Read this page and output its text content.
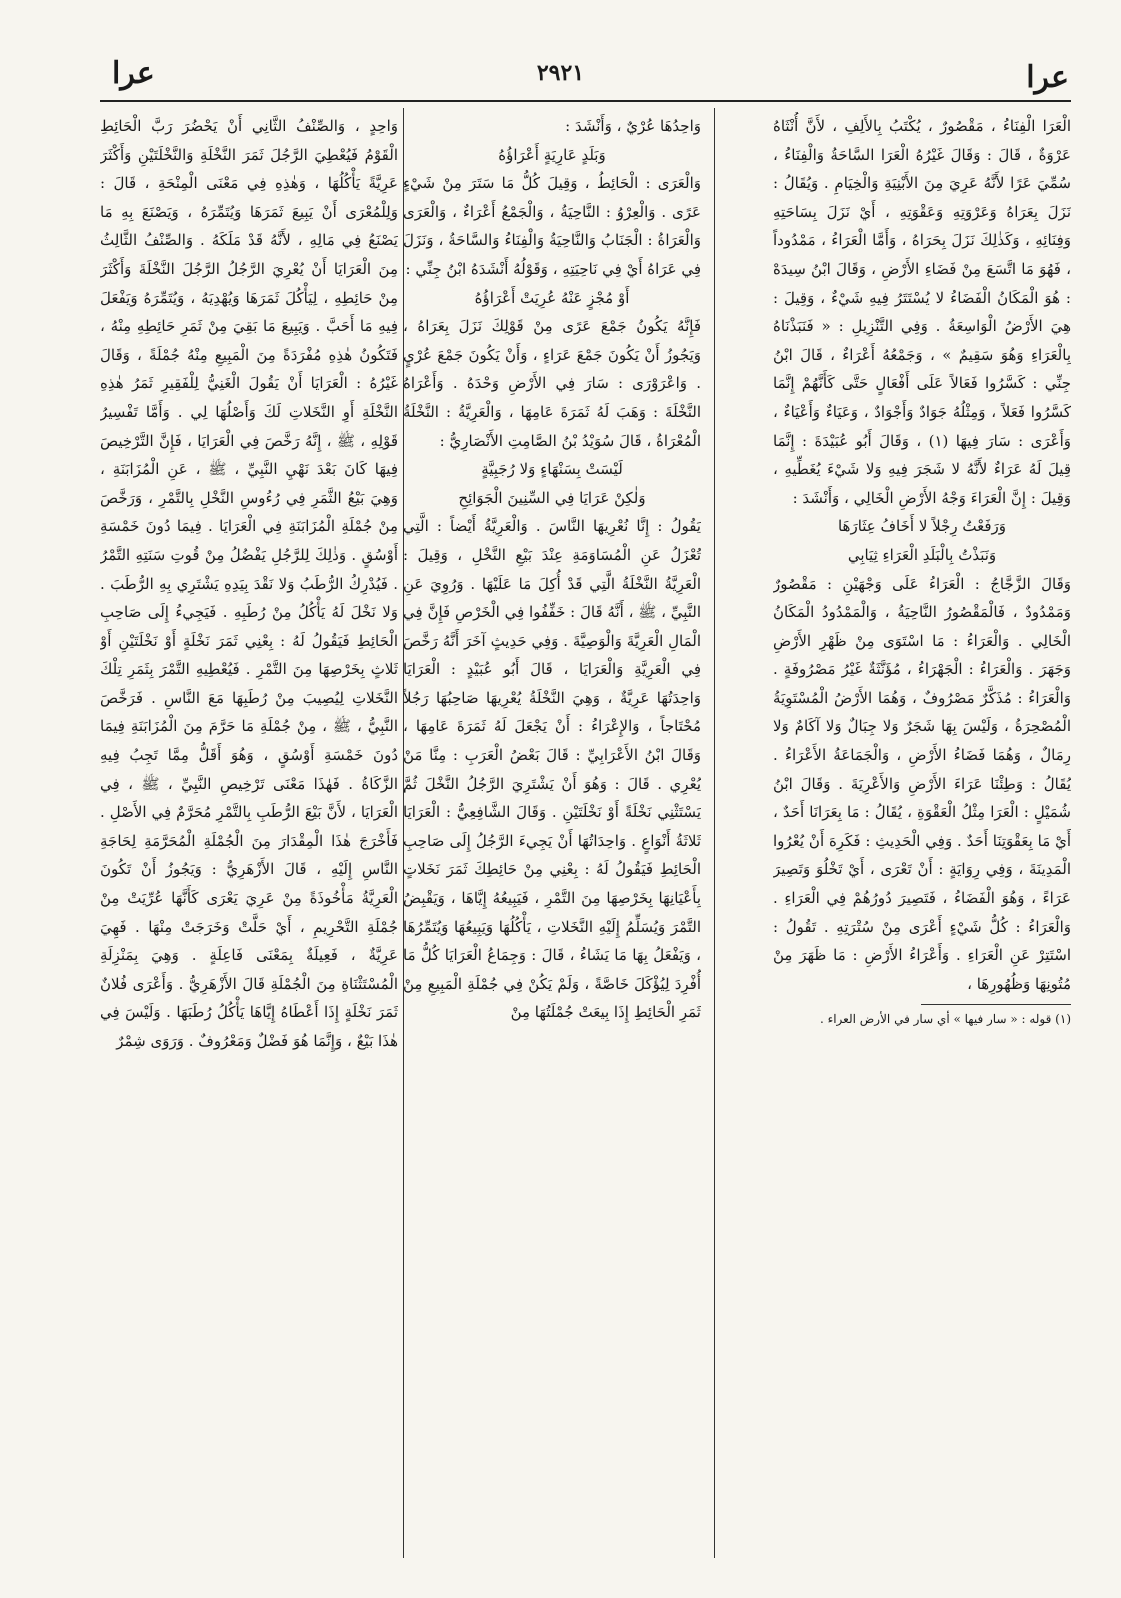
عرا
٢٩٢١
عرا

الْعَرَا الْفِنَاءُ ، مَقْصُورٌ ، يُكْتَبُ بِالأَلِفِ ، لأَنَّ أُنْثَاهُ عَرْوَةٌ ، قَالَ : وَقَالَ غَيْرُهُ الْعَرَا السَّاحَةُ وَالْفِنَاءُ ، سُمِّيَ عَرًا لأَنَّهُ عَرِيَ مِنَ الأَبْنِيَةِ وَالْخِيَامِ . وَيُقَالُ : نَزَلَ بِعَرَاهُ وَعَرْوَتِهِ وَعَقْوَتِهِ ، أَيْ نَزَلَ بِسَاحَتِهِ وَفِنَائِهِ ، وَكَذٰلِكَ نَزَلَ بِحَرَاهُ ، وَأَمَّا الْعَرَاءُ ، مَمْدُوداً ، فَهُوَ مَا اتَّسَعَ مِنْ فَضَاءِ الأَرْضِ ، وَقَالَ ابْنُ سِيدَهْ : هُوَ الْمَكَانُ الْفَضَاءُ لا يُسْتَتَرُ فِيهِ شَيْءٌ ، وَقِيلَ : هِيَ الأَرْضُ الْوَاسِعَةُ . وَفِي التَّنْزِيلِ : « فَنَبَذْنَاهُ بِالْعَرَاءِ وَهُوَ سَقِيمٌ » ، وَجَمْعُهُ أَعْرَاءٌ ، قَالَ ابْنُ جِنِّي : كَسَّرُوا فَعَالاً عَلَى أَفْعَالٍ حَتَّى كَأَنَّهُمْ إِنَّمَا كَسَّرُوا فَعَلاً ، وَمِثْلُهُ جَوَادٌ وَأَجْوَادٌ ، وَعَيَاءٌ وَأَعْيَاءٌ ، وَأَعْرَى : سَارَ فِيهَا (١) ، وَقَالَ أَبُو عُبَيْدَةَ : إِنَّمَا قِيلَ لَهُ عَرَاءٌ لأَنَّهُ لا شَجَرَ فِيهِ وَلا شَيْءَ يُغَطِّيهِ ، وَقِيلَ : إِنَّ الْعَرَاءَ وَجْهُ الأَرْضِ الْخَالِي ، وَأَنْشَدَ :

وَرَفَعْتُ رِجْلاً لا أَخَافُ عِثَارَهَا

وَنَبَذْتُ بِالْبَلَدِ الْعَرَاءِ ثِيَابِي

وَقَالَ الزَّجَّاجُ : الْعَرَاءُ عَلَى وَجْهَيْنِ : مَقْصُورٌ وَمَمْدُودٌ ، فَالْمَقْصُورُ النَّاحِيَةُ ، وَالْمَمْدُودُ الْمَكَانُ الْخَالِي . وَالْعَرَاءُ : مَا اسْتَوَى مِنْ ظَهْرِ الأَرْضِ وَجَهَرَ . وَالْعَرَاءُ : الْجَهْرَاءُ ، مُؤَنَّثَةٌ غَيْرُ مَصْرُوفَةٍ . وَالْعَرَاءُ : مُذَكَّرٌ مَصْرُوفٌ ، وَهُمَا الأَرْضُ الْمُسْتَوِيَةُ الْمُصْحِرَةُ ، وَلَيْسَ بِهَا شَجَرٌ وَلا جِبَالٌ وَلا آكَامٌ وَلا رِمَالٌ ، وَهُمَا فَضَاءُ الأَرْضِ ، وَالْجَمَاعَةُ الأَعْرَاءُ . يُقَالُ : وَطِئْنَا عَرَاءَ الأَرْضِ وَالأَعْرِيَةَ . وَقَالَ ابْنُ شُمَيْلٍ : الْعَرَا مِثْلُ الْعَقْوَةِ ، يُقَالُ : مَا بِعَرَانَا أَحَدٌ ، أَيْ مَا بِعَقْوَتِنَا أَحَدٌ . وَفِي الْحَدِيثِ : فَكَرِهَ أَنْ يُعْرُوا الْمَدِينَةَ ، وَفِي رِوَايَةٍ : أَنْ تَعْرَى ، أَيْ تَخْلُوَ وَتَصِيرَ عَرَاءً ، وَهُوَ الْفَضَاءُ ، فَتَصِيرَ دُورُهُمْ فِي الْعَرَاءِ . وَالْعَرَاءُ : كُلُّ شَيْءٍ أَعْرَى مِنْ سُتْرَتِهِ . تَقُولُ : اسْتَتِرْ عَنِ الْعَرَاءِ . وَأَعْرَاءُ الأَرْضِ : مَا ظَهَرَ مِنْ مُتُونِهَا وَظُهُورِهَا ،

(١) قوله : « سار فيها » أي سار في الأرض العراء .

وَاحِدُهَا عُرْيٌ ، وَأَنْشَدَ :

وَبَلَدٍ عَارِيَةٍ أَعْرَاؤُهُ

وَالْعَرَى : الْحَائِطُ ، وَقِيلَ كُلُّ مَا سَتَرَ مِنْ شَيْءٍ عَرًى . وَالْعِرْوُ : النَّاحِيَةُ ، وَالْجَمْعُ أَعْرَاءٌ ، وَالْعَرَى وَالْعَرَاةُ : الْجَنَابُ وَالنَّاحِيَةُ وَالْفِنَاءُ وَالسَّاحَةُ ، وَنَزَلَ فِي عَرَاهُ أَيْ فِي نَاحِيَتِهِ ، وَقَوْلُهُ أَنْشَدَهُ ابْنُ جِنِّي :

أَوْ مُجْزٍ عَنْهُ عُرِيَتْ أَعْرَاؤُهُ

فَإِنَّهُ يَكُونُ جَمْعَ عَرًى مِنْ قَوْلِكَ نَزَلَ بِعَرَاهُ ، وَيَجُوزُ أَنْ يَكُونَ جَمْعَ عَرَاءٍ ، وَأَنْ يَكُونَ جَمْعَ عُرْيٍ . وَاعْرَوْرَى : سَارَ فِي الأَرْضِ وَحْدَهُ . وَأَعْرَاهُ النَّخْلَةَ : وَهَبَ لَهُ ثَمَرَةَ عَامِهَا ، وَالْعَرِيَّةُ : النَّخْلَةُ الْمُعْرَاةُ ، قَالَ سُوَيْدُ بْنُ الصَّامِتِ الأَنْصَارِيُّ :

لَيْسَتْ بِسَنْهَاءٍ وَلا رُجَبِيَّةٍ

وَلٰكِنْ عَرَايَا فِي السِّنِينَ الْجَوَائِحِ

يَقُولُ : إِنَّا نُعْرِيهَا النَّاسَ . وَالْعَرِيَّةُ أَيْضاً : الَّتِي تُعْزَلُ عَنِ الْمُسَاوَمَةِ عِنْدَ بَيْعِ النَّخْلِ ، وَقِيلَ : الْعَرِيَّةُ النَّخْلَةُ الَّتِي قَدْ أُكِلَ مَا عَلَيْهَا . وَرُوِيَ عَنِ النَّبِيِّ ، ﷺ ، أَنَّهُ قَالَ : خَفِّفُوا فِي الْخَرْصِ فَإِنَّ فِي الْمَالِ الْعَرِيَّةَ وَالْوَصِيَّةَ . وَفِي حَدِيثٍ آخَرَ أَنَّهُ رَخَّصَ فِي الْعَرِيَّةِ وَالْعَرَايَا ، قَالَ أَبُو عُبَيْدٍ : الْعَرَايَا وَاحِدَتُهَا عَرِيَّةٌ ، وَهِيَ النَّخْلَةُ يُعْرِيهَا صَاحِبُهَا رَجُلاً مُحْتَاجاً ، وَالإِعْرَاءُ : أَنْ يَجْعَلَ لَهُ ثَمَرَةَ عَامِهَا ، وَقَالَ ابْنُ الأَعْرَابِيِّ : قَالَ بَعْضُ الْعَرَبِ : مِنَّا مَنْ يُعْرِي . قَالَ : وَهُوَ أَنْ يَشْتَرِيَ الرَّجُلُ النَّخْلَ ثُمَّ يَسْتَثْنِي نَخْلَةً أَوْ نَخْلَتَيْنِ . وَقَالَ الشَّافِعِيُّ : الْعَرَايَا ثَلاثَةُ أَنْوَاعٍ . وَاحِدَاتُهَا أَنْ يَجِيءَ الرَّجُلُ إِلَى صَاحِبِ الْحَائِطِ فَيَقُولُ لَهُ : بِعْنِي مِنْ حَائِطِكَ ثَمَرَ نَخَلاتٍ بِأَعْيَانِهَا بِخَرْصِهَا مِنَ التَّمْرِ ، فَيَبِيعُهُ إِيَّاهَا ، وَيَقْبِضُ التَّمْرَ وَيُسَلِّمُ إِلَيْهِ النَّخَلاتِ ، يَأْكُلُهَا وَيَبِيعُهَا وَيُتَمِّرُهَا ، وَيَفْعَلُ بِهَا مَا يَشَاءُ ، قَالَ : وَجِمَاعُ الْعَرَايَا كُلُّ مَا أُفْرِدَ لِيُؤْكَلَ خَاصَّةً ، وَلَمْ يَكُنْ فِي جُمْلَةِ الْمَبِيعِ مِنْ ثَمَرِ الْحَائِطِ إِذَا بِيعَتْ جُمْلَتُهَا مِنْ

وَاحِدٍ ، وَالصِّنْفُ الثَّانِي أَنْ يَحْضُرَ رَبَّ الْحَائِطِ الْقَوْمُ فَيُعْطِيَ الرَّجُلَ ثَمَرَ النَّخْلَةِ وَالنَّخْلَتَيْنِ وَأَكْثَرَ عَرِيَّةً يَأْكُلُهَا ، وَهٰذِهِ فِي مَعْنَى الْمِنْحَةِ ، قَالَ : وَلِلْمُعْرَى أَنْ يَبِيعَ ثَمَرَهَا وَيُتَمِّرَهُ ، وَيَصْنَعَ بِهِ مَا يَصْنَعُ فِي مَالِهِ ، لأَنَّهُ قَدْ مَلَكَهُ . وَالصِّنْفُ الثَّالِثُ مِنَ الْعَرَايَا أَنْ يُعْرِيَ الرَّجُلُ الرَّجُلَ النَّخْلَةَ وَأَكْثَرَ مِنْ حَائِطِهِ ، لِيَأْكُلَ ثَمَرَهَا وَيُهْدِيَهُ ، وَيُتَمِّرَهُ وَيَفْعَلَ فِيهِ مَا أَحَبَّ . وَيَبِيعَ مَا بَقِيَ مِنْ ثَمَرِ حَائِطِهِ مِنْهُ ، فَتَكُونُ هٰذِهِ مُفْرَدَةً مِنَ الْمَبِيعِ مِنْهُ جُمْلَةً ، وَقَالَ غَيْرُهُ : الْعَرَايَا أَنْ يَقُولَ الْغَنِيُّ لِلْفَقِيرِ ثَمَرُ هٰذِهِ النَّخْلَةِ أَوِ النَّخَلاتِ لَكَ وَأَصْلُهَا لِي . وَأَمَّا تَفْسِيرُ قَوْلِهِ ، ﷺ ، إِنَّهُ رَخَّصَ فِي الْعَرَايَا ، فَإِنَّ التَّرْخِيصَ فِيهَا كَانَ بَعْدَ نَهْيِ النَّبِيِّ ، ﷺ ، عَنِ الْمُزَابَنَةِ ، وَهِيَ بَيْعُ الثَّمَرِ فِي رُءُوسِ النَّخْلِ بِالتَّمْرِ ، وَرَخَّصَ مِنْ جُمْلَةِ الْمُزَابَنَةِ فِي الْعَرَايَا . فِيمَا دُونَ خَمْسَةِ أَوْسُقٍ . وَذٰلِكَ لِلرَّجُلِ يَفْضُلُ مِنْ قُوتِ سَنَتِهِ التَّمْرُ . فَيُدْرِكُ الرُّطَبُ وَلا نَقْدَ بِيَدِهِ يَشْتَرِي بِهِ الرُّطَبَ . وَلا نَخْلَ لَهُ يَأْكُلُ مِنْ رُطَبِهِ . فَيَجِيءُ إِلَى صَاحِبِ الْحَائِطِ فَيَقُولُ لَهُ : بِعْنِي ثَمَرَ نَخْلَةٍ أَوْ نَخْلَتَيْنِ أَوْ ثَلاثٍ بِخَرْصِهَا مِنَ التَّمْرِ . فَيُعْطِيهِ التَّمْرَ بِثَمَرِ تِلْكَ النَّخَلاتِ لِيُصِيبَ مِنْ رُطَبِهَا مَعَ النَّاسِ . فَرَخَّصَ النَّبِيُّ ، ﷺ ، مِنْ جُمْلَةِ مَا حَرَّمَ مِنَ الْمُزَابَنَةِ فِيمَا دُونَ خَمْسَةِ أَوْسُقٍ ، وَهُوَ أَقَلُّ مِمَّا تَجِبُ فِيهِ الزَّكَاةُ . فَهٰذَا مَعْنَى تَرْخِيصِ النَّبِيِّ ، ﷺ ، فِي الْعَرَايَا ، لأَنَّ بَيْعَ الرُّطَبِ بِالتَّمْرِ مُحَرَّمٌ فِي الأَصْلِ . فَأَخْرَجَ هٰذَا الْمِقْدَارَ مِنَ الْجُمْلَةِ الْمُحَرَّمَةِ لِحَاجَةِ النَّاسِ إِلَيْهِ ، قَالَ الأَزْهَرِيُّ : وَيَجُوزُ أَنْ تَكُونَ الْعَرِيَّةُ مَأْخُوذَةً مِنْ عَرِيَ يَعْرَى كَأَنَّهَا عُرِّيَتْ مِنْ جُمْلَةِ التَّحْرِيمِ ، أَيْ حَلَّتْ وَخَرَجَتْ مِنْهَا . فَهِيَ عَرِيَّةٌ ، فَعِيلَةٌ بِمَعْنَى فَاعِلَةٍ . وَهِيَ بِمَنْزِلَةِ الْمُسْتَثْنَاةِ مِنَ الْجُمْلَةِ قَالَ الأَزْهَرِيُّ . وَأَعْرَى فُلانٌ ثَمَرَ نَخْلَةٍ إِذَا أَعْطَاهُ إِيَّاهَا يَأْكُلُ رُطَبَهَا . وَلَيْسَ فِي هٰذَا بَيْعٌ ، وَإِنَّمَا هُوَ فَضْلٌ وَمَعْرُوفٌ . وَرَوَى شِمْرٌ
